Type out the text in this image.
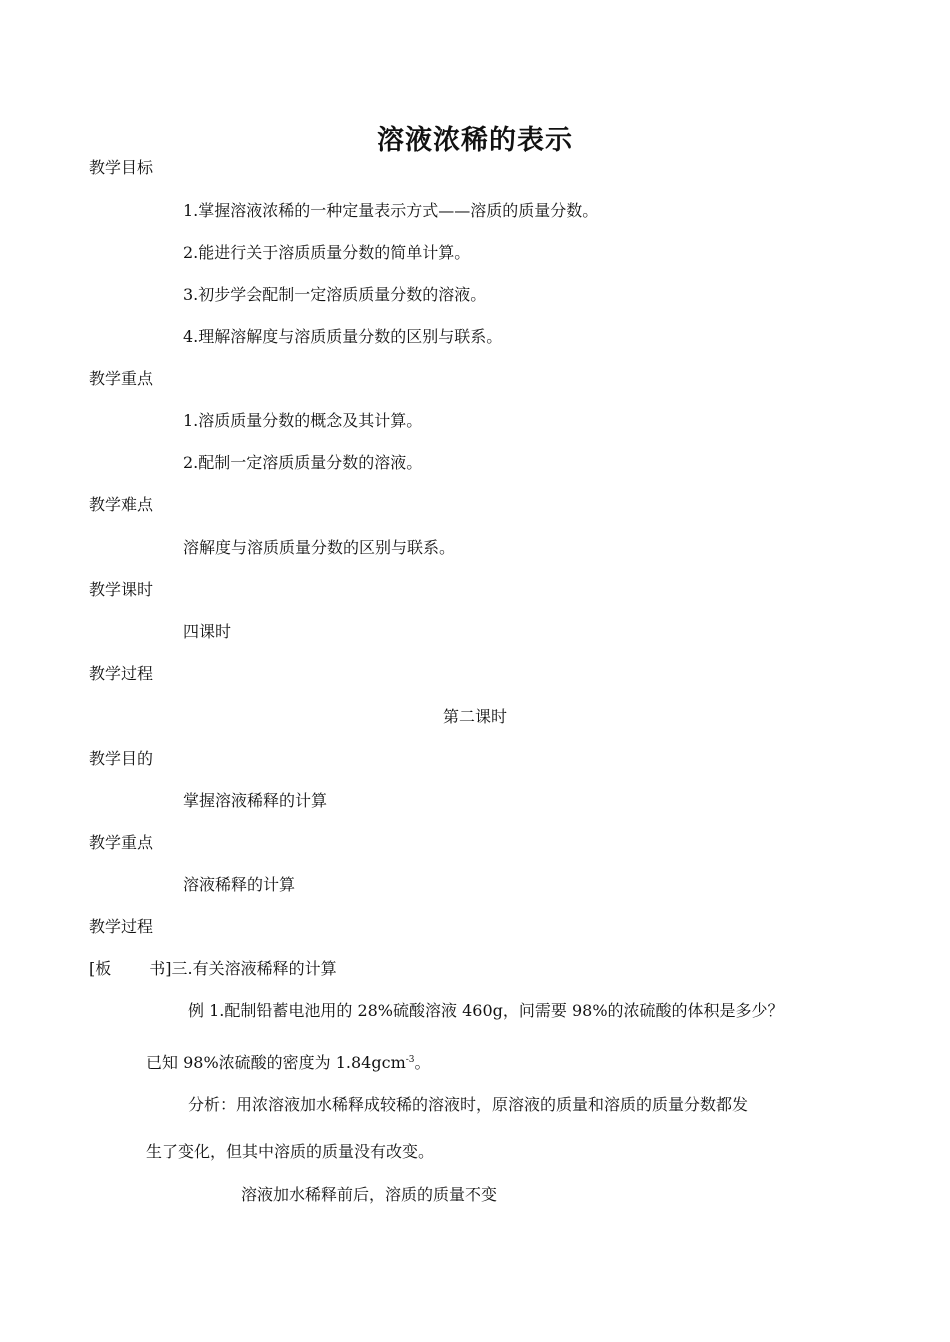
溶液浓稀的表示
教学目标
1.掌握溶液浓稀的一种定量表示方式——溶质的质量分数。
2.能进行关于溶质质量分数的简单计算。
3.初步学会配制一定溶质质量分数的溶液。
4.理解溶解度与溶质质量分数的区别与联系。
教学重点
1.溶质质量分数的概念及其计算。
2.配制一定溶质质量分数的溶液。
教学难点
溶解度与溶质质量分数的区别与联系。
教学课时
四课时
教学过程
第二课时
教学目的
掌握溶液稀释的计算
教学重点
溶液稀释的计算
教学过程
[板 书]三.有关溶液稀释的计算
例 1.配制铅蓄电池用的 28%硫酸溶液 460g，问需要 98%的浓硫酸的体积是多少？
已知 98%浓硫酸的密度为 1.84gcm$^{-3}$。
分析：用浓溶液加水稀释成较稀的溶液时，原溶液的质量和溶质的质量分数都发
生了变化，但其中溶质的质量没有改变。
溶液加水稀释前后，溶质的质量不变
